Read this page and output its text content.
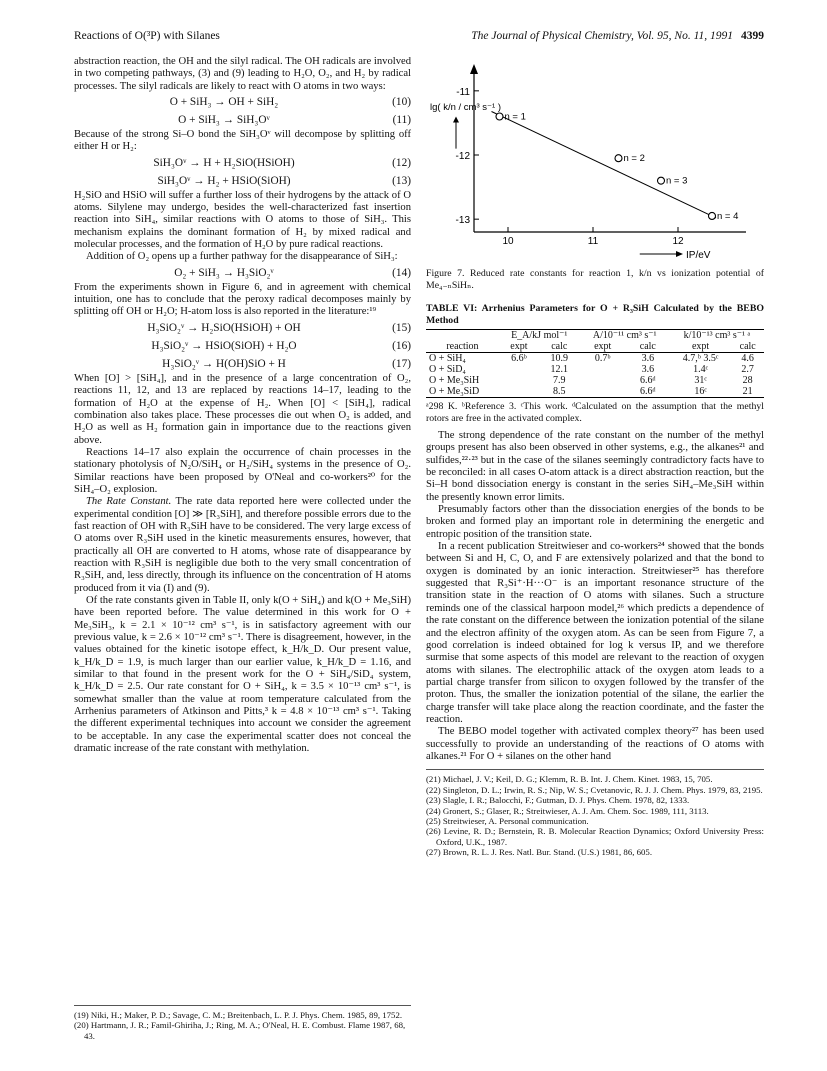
Reactions of O(³P) with Silanes	The Journal of Physical Chemistry, Vol. 95, No. 11, 1991 4399

abstraction reaction, the OH and the silyl radical. The OH radicals are involved in two competing pathways, (3) and (9) leading to H₂O, O₂, and H₂ by radical processes. The silyl radicals are likely to react with O atoms in two ways:

O + SiH₃ → OH + SiH₂	(10)
O + SiH₃ → SiH₃Oᵛ	(11)

Because of the strong Si–O bond the SiH₃Oᵛ will decompose by splitting off either H or H₂:

SiH₃Oᵛ → H + H₂SiO(HSiOH)	(12)
SiH₃Oᵛ → H₂ + HSiO(SiOH)	(13)

H₂SiO and HSiO will suffer a further loss of their hydrogens by the attack of O atoms. Silylene may undergo, besides the well-characterized fast insertion reaction into SiH₄, similar reactions with O atoms to those of SiH₃. This mechanism explains the dominant formation of H₂ by mixed radical and molecular processes, and the formation of H₂O by pure radical reactions.

Addition of O₂ opens up a further pathway for the disappearance of SiH₃:

O₂ + SiH₃ → H₃SiO₂ᵛ	(14)

From the experiments shown in Figure 6, and in agreement with chemical intuition, one has to conclude that the peroxy radical decomposes mainly by splitting off OH or H₂O; H-atom loss is also reported in the literature:¹⁹

H₃SiO₂ᵛ → H₂SiO(HSiOH) + OH	(15)
H₃SiO₂ᵛ → HSiO(SiOH) + H₂O	(16)
H₃SiO₂ᵛ → H(OH)SiO + H	(17)

When [O] > [SiH₄], and in the presence of a large concentration of O₂, reactions 11, 12, and 13 are replaced by reactions 14–17, leading to the formation of H₂O at the expense of H₂. When [O] < [SiH₄], radical combination also takes place. These processes die out when O₂ is added, and H₂O as well as H₂ formation gain in importance due to the reactions given above.

Reactions 14–17 also explain the occurrence of chain processes in the stationary photolysis of N₂O/SiH₄ or H₂/SiH₄ systems in the presence of O₂. Similar reactions have been proposed by O'Neal and co-workers²⁰ for the SiH₄–O₂ explosion.

The Rate Constant. The rate data reported here were collected under the experimental condition [O] ≫ [R₃SiH], and therefore possible errors due to the fast reaction of OH with R₃SiH have to be considered. The very large excess of O atoms over R₃SiH used in the kinetic measurements ensures, however, that practically all OH are converted to H atoms, whose rate of disappearance by reaction with R₃SiH is negligible due both to the very small concentration of R₃SiH, and, less directly, through its influence on the concentration of H atoms produced from it via (I) and (9).

Of the rate constants given in Table II, only k(O + SiH₄) and k(O + Me₃SiH) have been reported before. The value determined in this work for O + Me₃SiH₃, k = 2.1 × 10⁻¹² cm³ s⁻¹, is in satisfactory agreement with our previous value, k = 2.6 × 10⁻¹² cm³ s⁻¹. There is disagreement, however, in the values obtained for the kinetic isotope effect, k_H/k_D. Our present value, k_H/k_D = 1.9, is much larger than our earlier value, k_H/k_D = 1.16, and similar to that found in the present work for the O + SiH₄/SiD₄ system, k_H/k_D = 2.5. Our rate constant for O + SiH₄, k = 3.5 × 10⁻¹³ cm³ s⁻¹, is somewhat smaller than the value at room temperature calculated from the Arrhenius parameters of Atkinson and Pitts,³ k = 4.8 × 10⁻¹³ cm³ s⁻¹. Taking the different experimental techniques into account we consider the agreement to be acceptable. In any case the experimental scatter does not conceal the dramatic increase of the rate constant with methylation.

(19) Niki, H.; Maker, P. D.; Savage, C. M.; Breitenbach, L. P. J. Phys. Chem. 1985, 89, 1752.
(20) Hartmann, J. R.; Famil-Ghiriha, J.; Ring, M. A.; O'Neal, H. E. Combust. Flame 1987, 68, 43.
10	11	12
-11
-12
-13
lg( k/n / cm³ s⁻¹ )
IP/eV
n = 1
n = 2
n = 3
n = 4

Figure 7. Reduced rate constants for reaction 1, k/n vs ionization potential of Me₄₋ₙSiHₙ.

TABLE VI: Arrhenius Parameters for O + R₃SiH Calculated by the BEBO Method

	E_A/kJ mol⁻¹		A/10⁻¹¹ cm³ s⁻¹		k/10⁻¹³ cm³ s⁻¹ ᵃ	
reaction	expt	calc	expt	calc	expt	calc
O + SiH₄	6.6ᵇ	10.9	0.7ᵇ	3.6	4.7,ᵇ 3.5ᶜ	4.6
O + SiD₄		12.1		3.6	1.4ᶜ	2.7
O + Me₃SiH		7.9		6.6ᵈ	31ᶜ	28
O + Me₃SiD		8.5		6.6ᵈ	16ᶜ	21

ᵃ298 K. ᵇReference 3. ᶜThis work. ᵈCalculated on the assumption that the methyl rotors are free in the activated complex.

The strong dependence of the rate constant on the number of the methyl groups present has also been observed in other systems, e.g., the alkanes²¹ and sulfides,²²·²³ but in the case of the silanes seemingly contradictory facts have to be reconciled: in all cases O-atom attack is a direct abstraction reaction, but the Si–H bond dissociation energy is constant in the series SiH₄–Me₃SiH within the presently known error limits.

Presumably factors other than the dissociation energies of the bonds to be broken and formed play an important role in determining the energetic and entropic position of the transition state.

In a recent publication Streitwieser and co-workers²⁴ showed that the bonds between Si and H, C, O, and F are extensively polarized and that the bond to oxygen is dominated by an ionic interaction. Streitwieser²⁵ has therefore suggested that R₃Si⁺·H···O⁻ is an important resonance structure of the transition state in the reaction of O atoms with silanes. Such a structure reminds one of the classical harpoon model,²⁶ which predicts a dependence of the rate constant on the difference between the ionization potential of the silane and the electron affinity of the oxygen atom. As can be seen from Figure 7, a good correlation is indeed obtained for log k versus IP, and we therefore surmise that some aspects of this model are relevant to the reaction of oxygen atoms with silanes. The electrophilic attack of the oxygen atom leads to a partial charge transfer from silicon to oxygen followed by the transfer of the proton. Thus, the smaller the ionization potential of the silane, the earlier the charge transfer will take place along the reaction coordinate, and the faster the reaction.

The BEBO model together with activated complex theory²⁷ has been used successfully to provide an understanding of the reactions of O atoms with alkanes.²¹ For O + silanes on the other hand

(21) Michael, J. V.; Keil, D. G.; Klemm, R. B. Int. J. Chem. Kinet. 1983, 15, 705.
(22) Singleton, D. L.; Irwin, R. S.; Nip, W. S.; Cvetanovic, R. J. J. Chem. Phys. 1979, 83, 2195.
(23) Slagle, I. R.; Balocchi, F.; Gutman, D. J. Phys. Chem. 1978, 82, 1333.
(24) Gronert, S.; Glaser, R.; Streitwieser, A. J. Am. Chem. Soc. 1989, 111, 3113.
(25) Streitwieser, A. Personal communication.
(26) Levine, R. D.; Bernstein, R. B. Molecular Reaction Dynamics; Oxford University Press: Oxford, U.K., 1987.
(27) Brown, R. L. J. Res. Natl. Bur. Stand. (U.S.) 1981, 86, 605.
